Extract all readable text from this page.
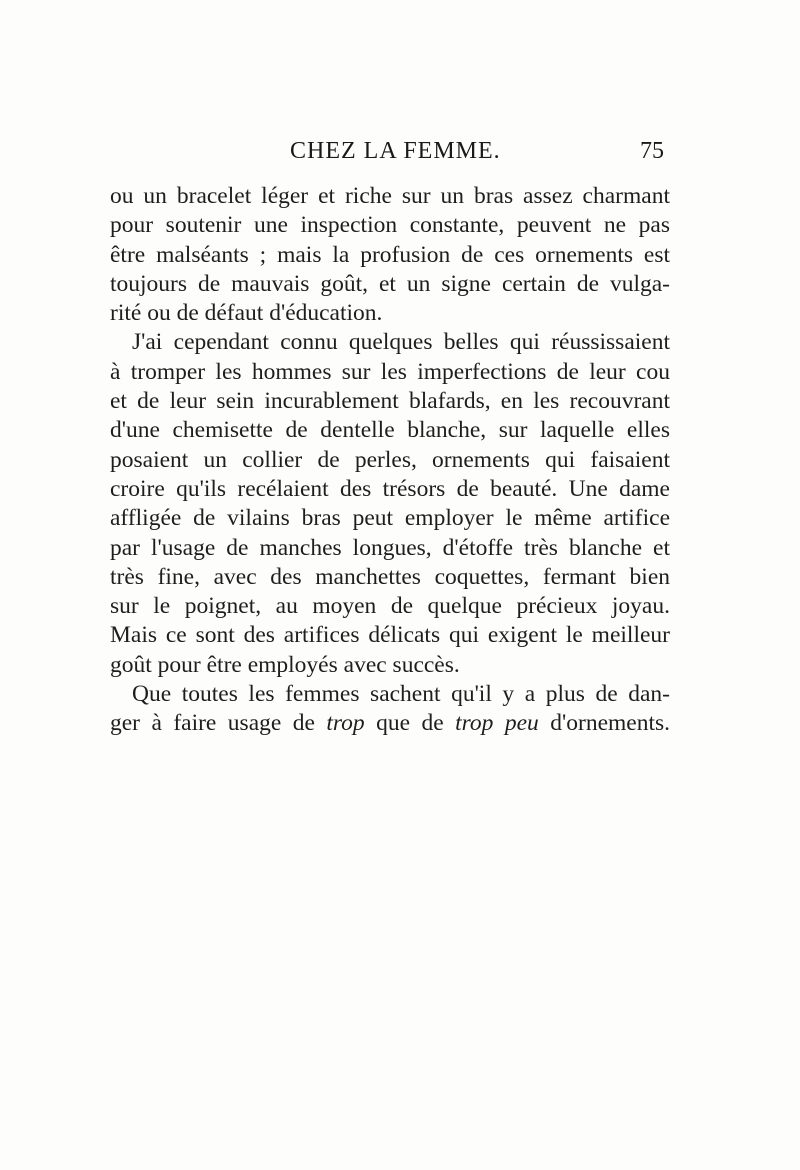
CHEZ LA FEMME.	75
ou un bracelet léger et riche sur un bras assez charmant
pour soutenir une inspection constante, peuvent ne pas
être malséants ; mais la profusion de ces ornements est
toujours de mauvais goût, et un signe certain de vulga-
rité ou de défaut d'éducation.
J'ai cependant connu quelques belles qui réussissaient
à tromper les hommes sur les imperfections de leur cou
et de leur sein incurablement blafards, en les recouvrant
d'une chemisette de dentelle blanche, sur laquelle elles
posaient un collier de perles, ornements qui faisaient
croire qu'ils recélaient des trésors de beauté. Une dame
affligée de vilains bras peut employer le même artifice
par l'usage de manches longues, d'étoffe très blanche et
très fine, avec des manchettes coquettes, fermant bien
sur le poignet, au moyen de quelque précieux joyau.
Mais ce sont des artifices délicats qui exigent le meilleur
goût pour être employés avec succès.
Que toutes les femmes sachent qu'il y a plus de dan-
ger à faire usage de trop que de trop peu d'ornements.
